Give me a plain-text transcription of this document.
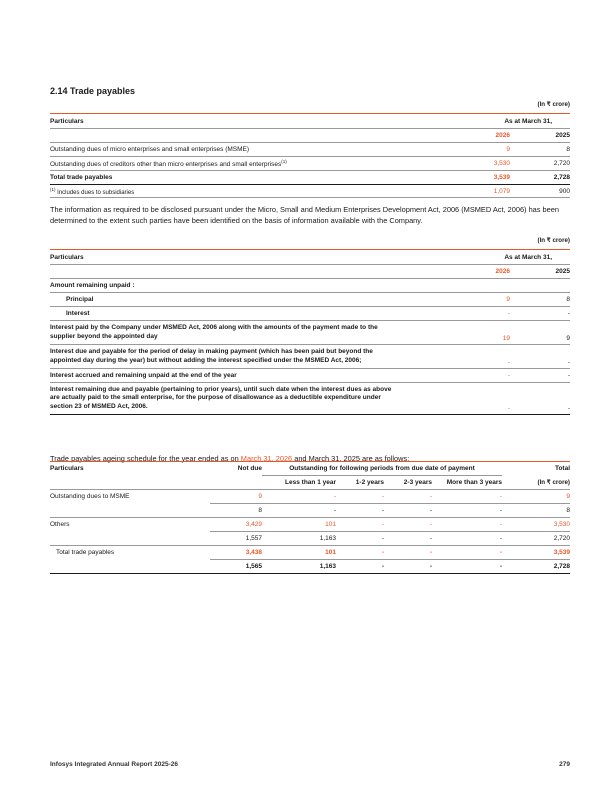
2.14 Trade payables
(In ₹ crore)
Particulars	As at March 31,	
	2026	2025
Outstanding dues of micro enterprises and small enterprises (MSME)	9	8
Outstanding dues of creditors other than micro enterprises and small enterprises$^{(1)}$	3,530	2,720
Total trade payables	3,539	2,728
$^{(1)}$ Includes dues to subsidiaries	1,079	900

The information as required to be disclosed pursuant under the Micro, Small and Medium Enterprises Development Act, 2006 (MSMED Act, 2006) has been determined to the extent such parties have been identified on the basis of information available with the Company.

(In ₹ crore)
Particulars	As at March 31,	
	2026	2025
Amount remaining unpaid :		
Principal	9	8
Interest	-	-
Interest paid by the Company under MSMED Act, 2006 along with the amounts of the payment made to the
supplier beyond the appointed day	19	9
Interest due and payable for the period of delay in making payment (which has been paid but beyond the
appointed day during the year) but without adding the interest specified under the MSMED Act, 2006;	-	-
Interest accrued and remaining unpaid at the end of the year	-	-
Interest remaining due and payable (pertaining to prior years), until such date when the interest dues as above
are actually paid to the small enterprise, for the purpose of disallowance as a deductible expenditure under
section 23 of MSMED Act, 2006.	-	-

Trade payables ageing schedule for the year ended as on March 31, 2026 and March 31, 2025 are as follows:

(In ₹ crore)
Particulars	Not due	Outstanding for following periods from due date of payment				Total
		Less than 1 year	1-2 years	2-3 years	More than 3 years	
Outstanding dues to MSME	9	-	-	-	-	9
	8	-	-	-	-	8
Others	3,429	101	-	-	-	3,530
	1,557	1,163	-	-	-	2,720
Total trade payables	3,438	101	-	-	-	3,539
	1,565	1,163	-	-	-	2,728
Infosys Integrated Annual Report 2025-26	279
